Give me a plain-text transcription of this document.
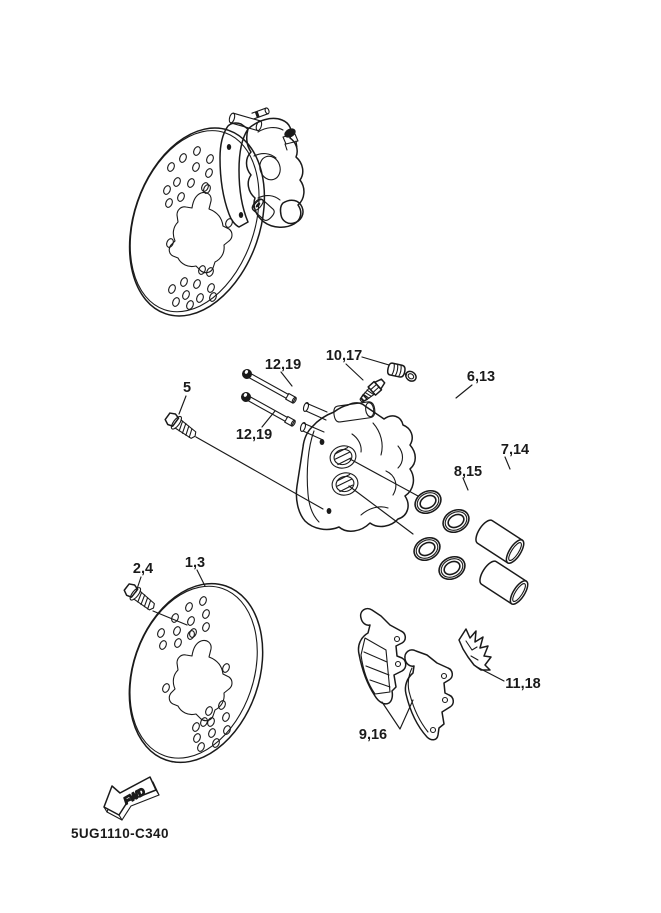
FWD
5
12,19
10,17
6,13
12,19
7,14
8,15
2,4 1,3
11,18
9,16
5UG1110-C340
